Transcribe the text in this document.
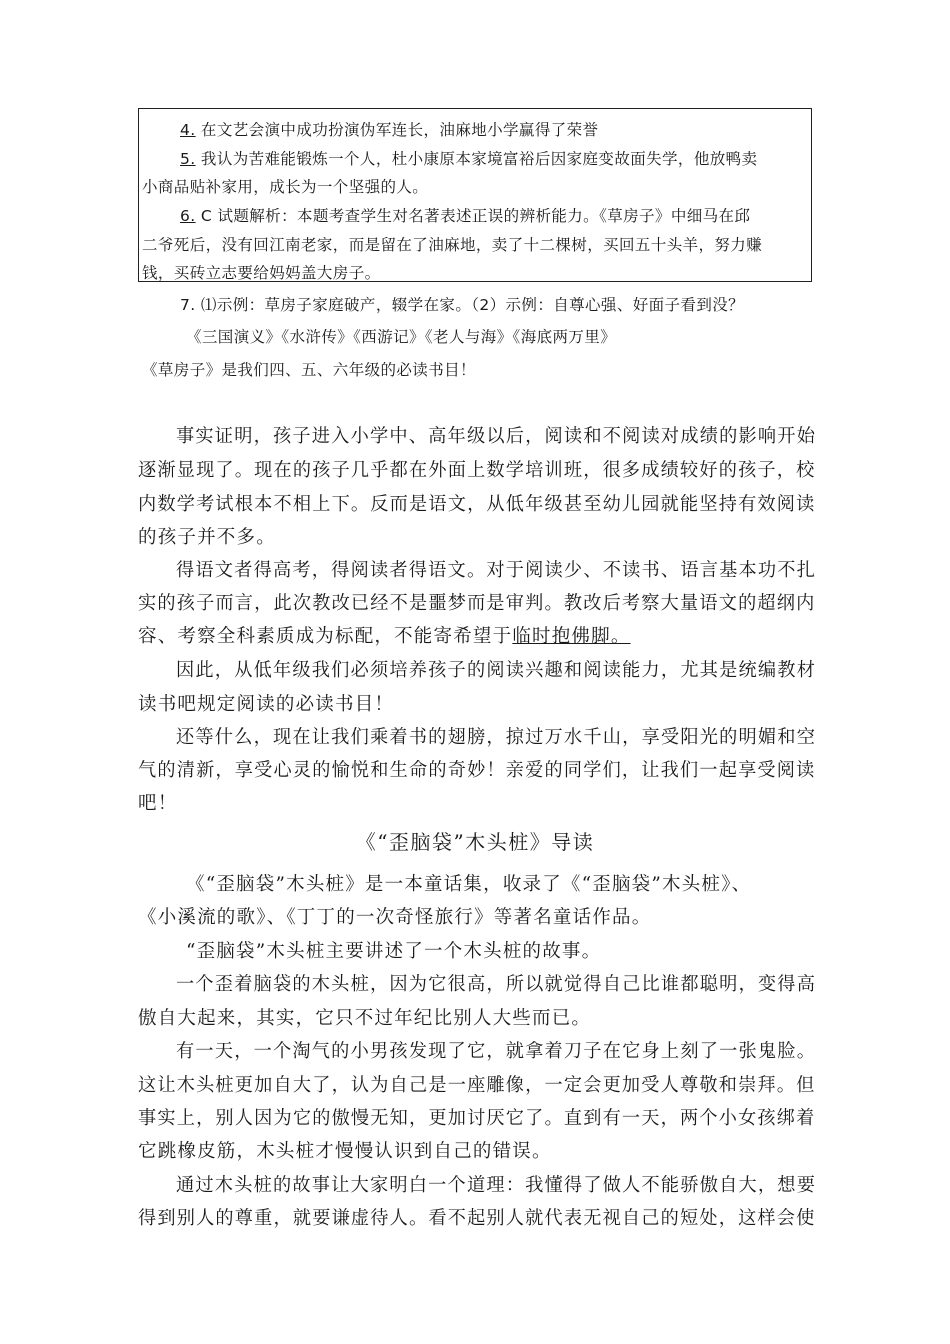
4. 在文艺会演中成功扮演伪军连长，油麻地小学赢得了荣誉
5. 我认为苦难能锻炼一个人，杜小康原本家境富裕后因家庭变故面失学，他放鸭卖
小商品贴补家用，成长为一个坚强的人。
6. C 试题解析：本题考查学生对名著表述正误的辨析能力。《草房子》中细马在邱
二爷死后，没有回江南老家，而是留在了油麻地，卖了十二棵树，买回五十头羊，努力赚
钱，买砖立志要给妈妈盖大房子。
7. ⑴示例：草房子家庭破产，辍学在家。（2）示例：自尊心强、好面子看到没？
《三国演义》《水浒传》《西游记》《老人与海》《海底两万里》
《草房子》是我们四、五、六年级的必读书目！
事实证明，孩子进入小学中、高年级以后，阅读和不阅读对成绩的影响开始
逐渐显现了。现在的孩子几乎都在外面上数学培训班，很多成绩较好的孩子，校
内数学考试根本不相上下。反而是语文，从低年级甚至幼儿园就能坚持有效阅读
的孩子并不多。
得语文者得高考，得阅读者得语文。对于阅读少、不读书、语言基本功不扎
实的孩子而言，此次教改已经不是噩梦而是审判。教改后考察大量语文的超纲内
容、考察全科素质成为标配，不能寄希望于临时抱佛脚。
因此，从低年级我们必须培养孩子的阅读兴趣和阅读能力，尤其是统编教材
读书吧规定阅读的必读书目！
还等什么，现在让我们乘着书的翅膀，掠过万水千山，享受阳光的明媚和空
气的清新，享受心灵的愉悦和生命的奇妙！亲爱的同学们，让我们一起享受阅读
吧！
《“歪脑袋”木头桩》导读
《“歪脑袋”木头桩》是一本童话集，收录了《“歪脑袋”木头桩》、
《小溪流的歌》、《丁丁的一次奇怪旅行》等著名童话作品。
“歪脑袋”木头桩主要讲述了一个木头桩的故事。
一个歪着脑袋的木头桩，因为它很高，所以就觉得自己比谁都聪明，变得高
傲自大起来，其实，它只不过年纪比别人大些而已。
有一天，一个淘气的小男孩发现了它，就拿着刀子在它身上刻了一张鬼脸。
这让木头桩更加自大了，认为自己是一座雕像，一定会更加受人尊敬和崇拜。但
事实上，别人因为它的傲慢无知，更加讨厌它了。直到有一天，两个小女孩绑着
它跳橡皮筋，木头桩才慢慢认识到自己的错误。
通过木头桩的故事让大家明白一个道理：我懂得了做人不能骄傲自大，想要
得到别人的尊重，就要谦虚待人。看不起别人就代表无视自己的短处，这样会使
